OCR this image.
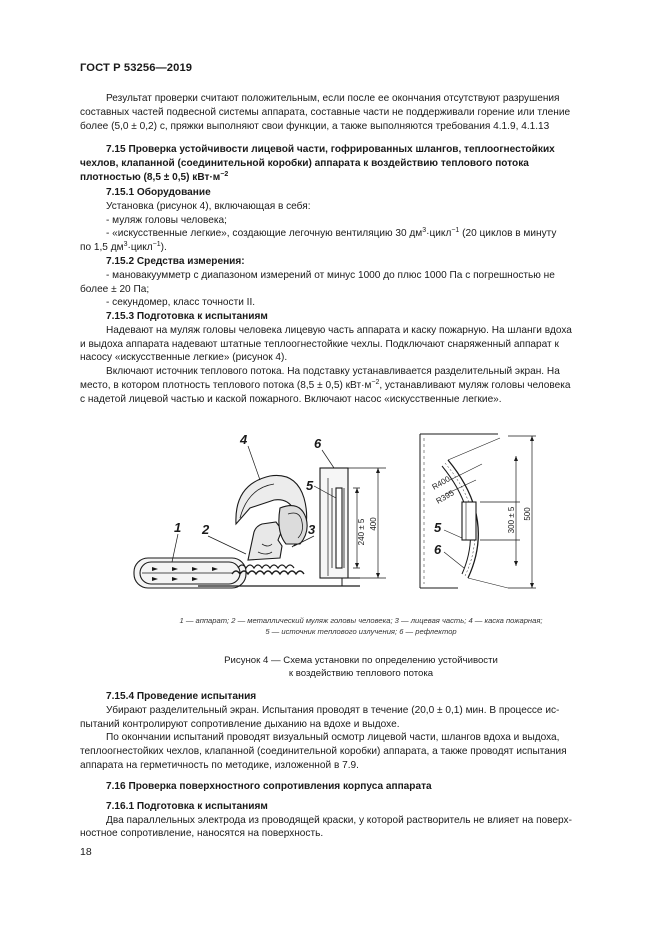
ГОСТ Р 53256—2019

Результат проверки считают положительным, если после ее окончания отсутствуют разрушения

составных частей подвесной системы аппарата, составные части не поддерживали горение или тление

более (5,0 ± 0,2) с, пряжки выполняют свои функции, а также выполняются требования 4.1.9, 4.1.13

7.15 Проверка устойчивости лицевой части, гофрированных шлангов, теплоогнестойких

чехлов, клапанной (соединительной коробки) аппарата к воздействию теплового потока

плотностью (8,5 ± 0,5) $кВт\cdot м^{-2}$

7.15.1 Оборудование

Установка (рисунок 4), включающая в себя:

- муляж головы человека;

- «искусственные легкие», создающие легочную вентиляцию 30 $дм^3\cdot цикл^{-1}$ (20 циклов в минуту

по 1,5 $дм^3\cdot цикл^{-1}$).

7.15.2 Средства измерения:

- мановакуумметр с диапазоном измерений от минус 1000 до плюс 1000 Па с погрешностью не

более ± 20 Па;

- секундомер, класс точности II.

7.15.3 Подготовка к испытаниям

Надевают на муляж головы человека лицевую часть аппарата и каску пожарную. На шланги вдоха

и выдоха аппарата надевают штатные теплоогнестойкие чехлы. Подключают снаряженный аппарат к

насосу «искусственные легкие» (рисунок 4).

Включают источник теплового потока. На подставку устанавливается разделительный экран. На

место, в котором плотность теплового потока (8,5 ± 0,5) $кВт\cdot м^{-2}$, устанавливают муляж головы человека

с надетой лицевой частью и каской пожарного. Включают насос «искусственные легкие».

4	6
5
3
1 2	5
6
240 ± 5 400	300 ± 5 500
R400
R395
1 — аппарат; 2 — металлический муляж головы человека; 3 — лицевая часть; 4 — каска пожарная;
5 — источник теплового излучения; 6 — рефлектор
Рисунок 4 — Схема установки по определению устойчивости
к воздействию теплового потока

7.15.4 Проведение испытания

Убирают разделительный экран. Испытания проводят в течение (20,0 ± 0,1) мин. В процессе ис-

пытаний контролируют сопротивление дыханию на вдохе и выдохе.

По окончании испытаний проводят визуальный осмотр лицевой части, шлангов вдоха и выдоха,

теплоогнестойких чехлов, клапанной (соединительной коробки) аппарата, а также проводят испытания

аппарата на герметичность по методике, изложенной в 7.9.

7.16 Проверка поверхностного сопротивления корпуса аппарата

7.16.1 Подготовка к испытаниям

Два параллельных электрода из проводящей краски, у которой растворитель не влияет на поверх-

ностное сопротивление, наносятся на поверхность.

18
